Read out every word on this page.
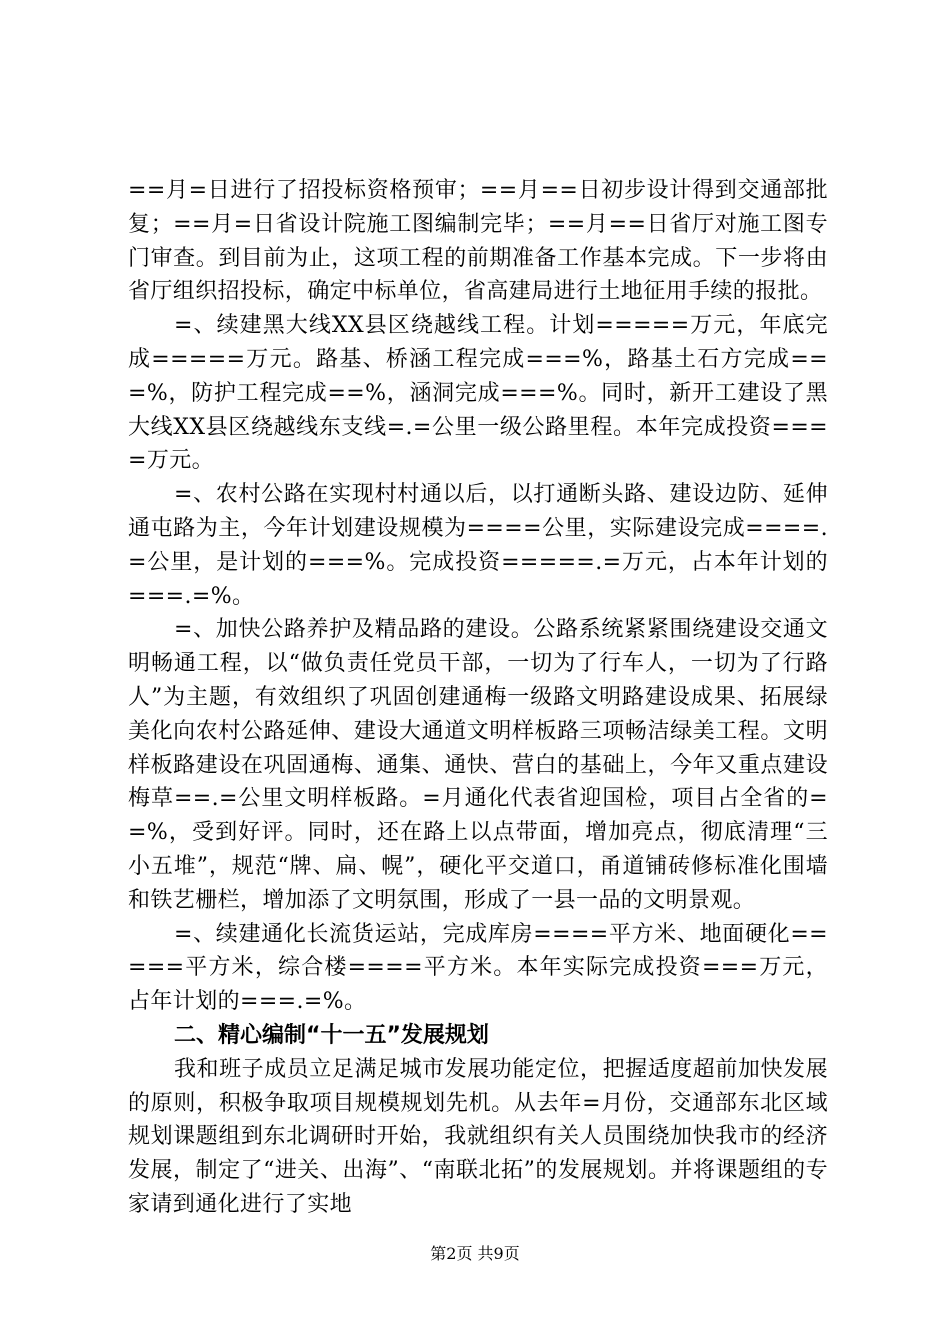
==月=日进行了招投标资格预审；==月==日初步设计得到交通部批复；==月=日省设计院施工图编制完毕；==月==日省厅对施工图专门审查。到目前为止，这项工程的前期准备工作基本完成。下一步将由省厅组织招投标，确定中标单位，省高建局进行土地征用手续的报批。

=、续建黑大线XX县区绕越线工程。计划=====万元，年底完成=====万元。路基、桥涵工程完成===%，路基土石方完成===%，防护工程完成==%，涵洞完成===%。同时，新开工建设了黑大线XX县区绕越线东支线=.=公里一级公路里程。本年完成投资====万元。

=、农村公路在实现村村通以后，以打通断头路、建设边防、延伸通屯路为主，今年计划建设规模为====公里，实际建设完成====.=公里，是计划的===%。完成投资=====.=万元，占本年计划的===.=%。

=、加快公路养护及精品路的建设。公路系统紧紧围绕建设交通文明畅通工程，以“做负责任党员干部，一切为了行车人，一切为了行路人”为主题，有效组织了巩固创建通梅一级路文明路建设成果、拓展绿美化向农村公路延伸、建设大通道文明样板路三项畅洁绿美工程。文明样板路建设在巩固通梅、通集、通快、营白的基础上，今年又重点建设梅草==.=公里文明样板路。=月通化代表省迎国检，项目占全省的==%，受到好评。同时，还在路上以点带面，增加亮点，彻底清理“三小五堆”，规范“牌、扁、幌”，硬化平交道口，甬道铺砖修标准化围墙和铁艺栅栏，增加添了文明氛围，形成了一县一品的文明景观。

=、续建通化长流货运站，完成库房====平方米、地面硬化=====平方米，综合楼====平方米。本年实际完成投资===万元，占年计划的===.=%。

二、精心编制“十一五”发展规划

我和班子成员立足满足城市发展功能定位，把握适度超前加快发展的原则，积极争取项目规模规划先机。从去年=月份，交通部东北区域规划课题组到东北调研时开始，我就组织有关人员围绕加快我市的经济发展，制定了“进关、出海”、“南联北拓”的发展规划。并将课题组的专家请到通化进行了实地

第2页 共9页
